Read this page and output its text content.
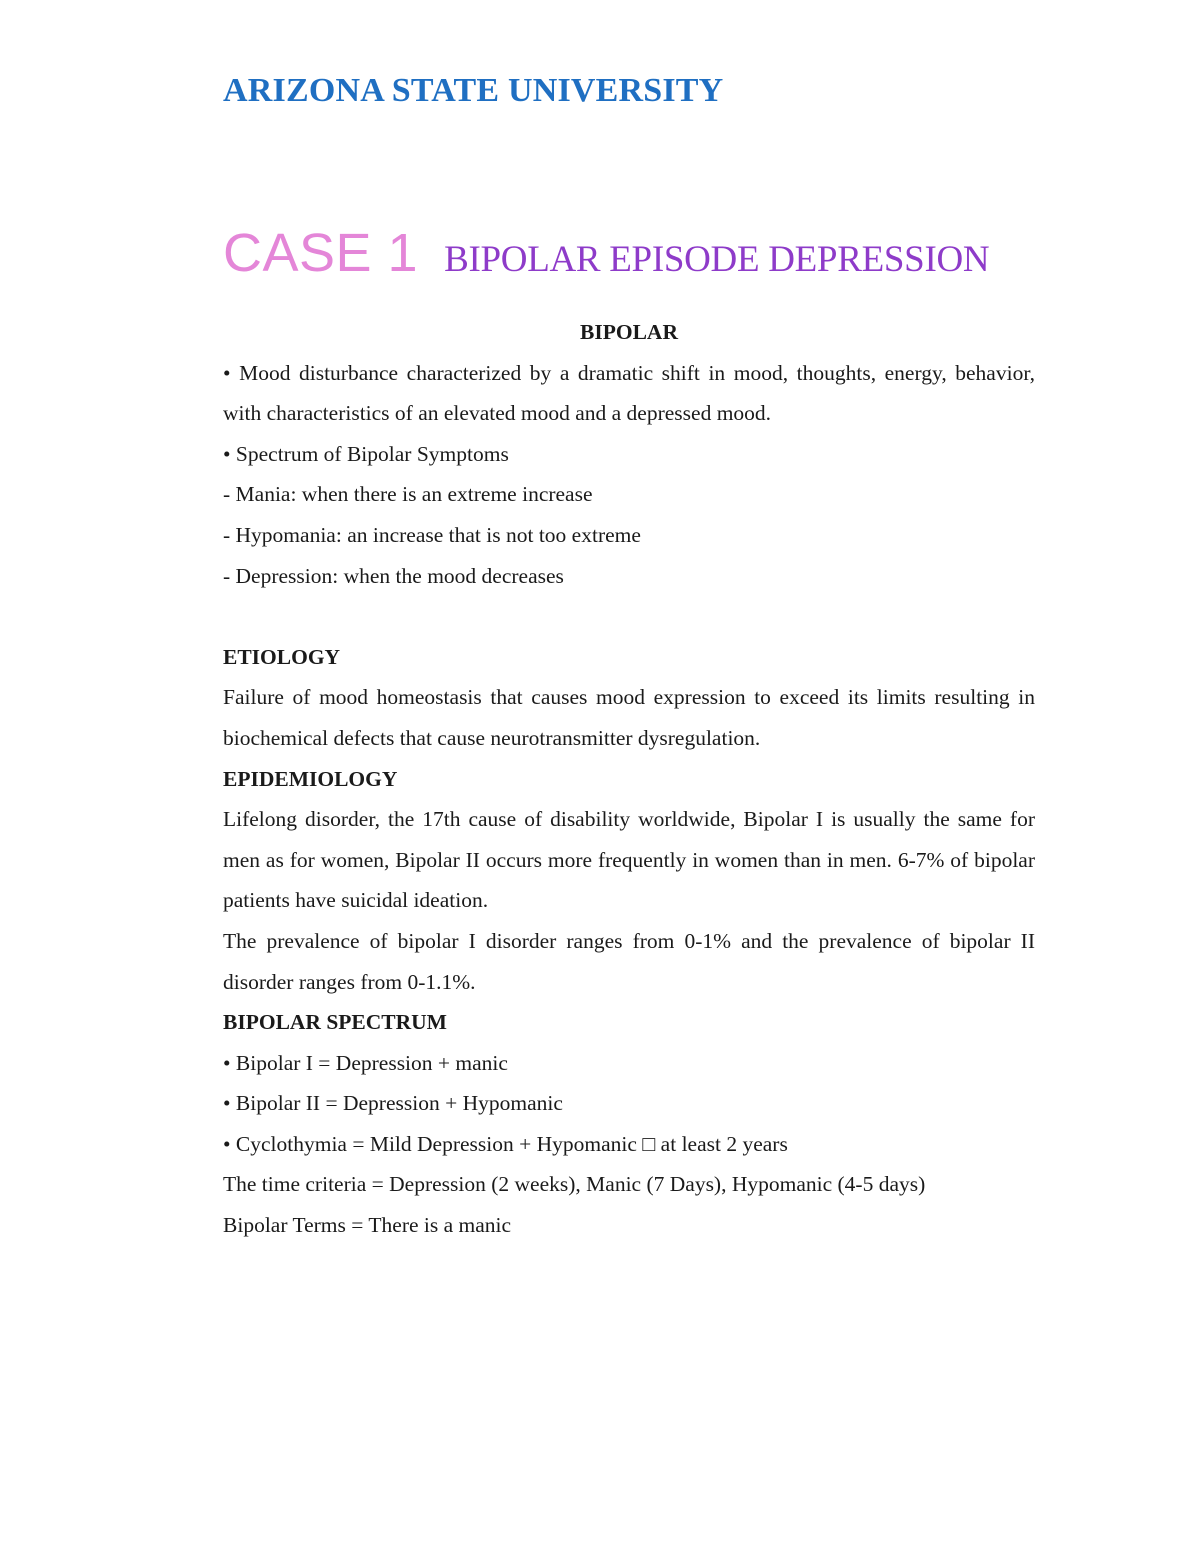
ARIZONA STATE UNIVERSITY
CASE 1 BIPOLAR EPISODE DEPRESSION

BIPOLAR

• Mood disturbance characterized by a dramatic shift in mood, thoughts, energy, behavior, with characteristics of an elevated mood and a depressed mood.

• Spectrum of Bipolar Symptoms

- Mania: when there is an extreme increase

- Hypomania: an increase that is not too extreme

- Depression: when the mood decreases

ETIOLOGY

Failure of mood homeostasis that causes mood expression to exceed its limits resulting in biochemical defects that cause neurotransmitter dysregulation.

EPIDEMIOLOGY

Lifelong disorder, the 17th cause of disability worldwide, Bipolar I is usually the same for men as for women, Bipolar II occurs more frequently in women than in men. 6-7% of bipolar patients have suicidal ideation.

The prevalence of bipolar I disorder ranges from 0-1% and the prevalence of bipolar II disorder ranges from 0-1.1%.

BIPOLAR SPECTRUM

• Bipolar I = Depression + manic

• Bipolar II = Depression + Hypomanic

• Cyclothymia = Mild Depression + Hypomanic □ at least 2 years

The time criteria = Depression (2 weeks), Manic (7 Days), Hypomanic (4-5 days)

Bipolar Terms = There is a manic
